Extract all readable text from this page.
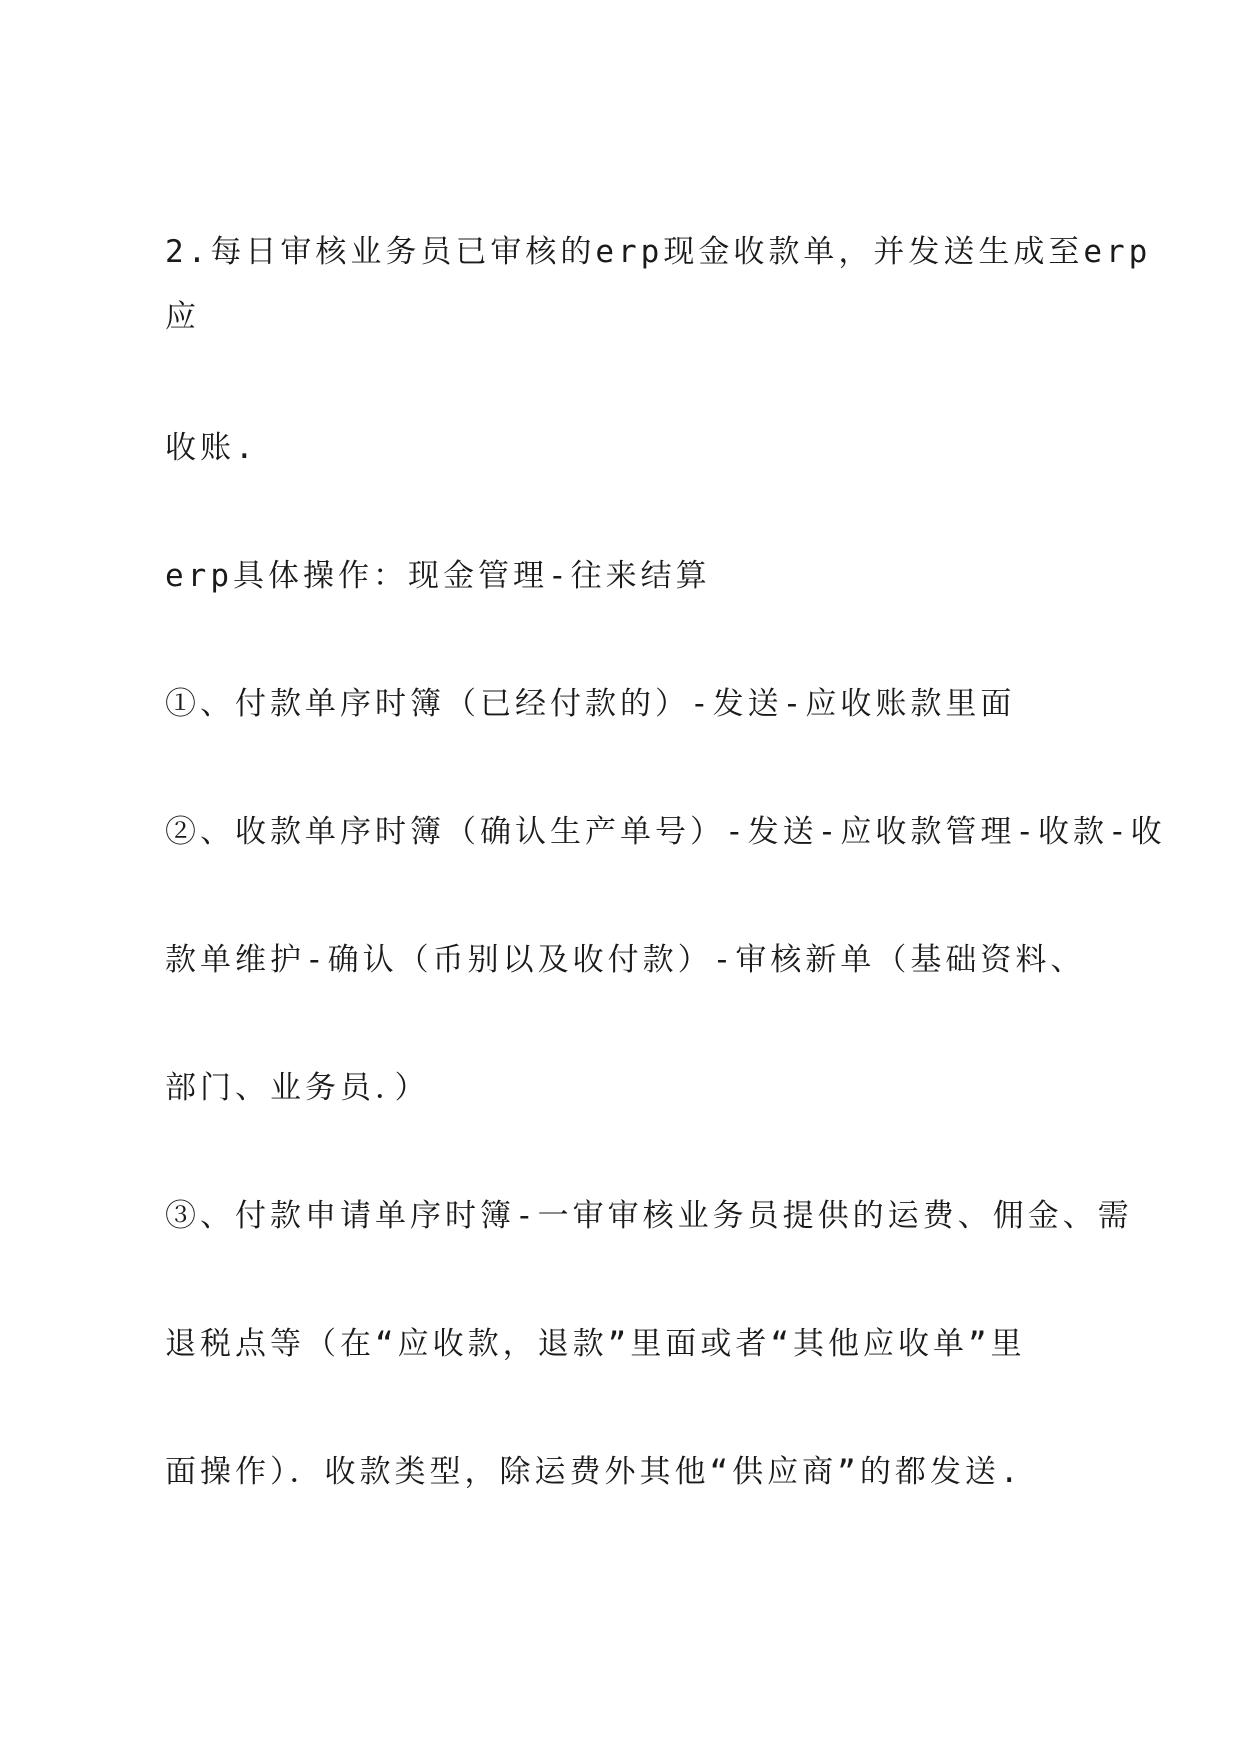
2.每日审核业务员已审核的erp现金收款单，并发送生成至erp
应
收账.
erp具体操作：现金管理-往来结算
①、付款单序时簿（已经付款的）-发送-应收账款里面
②、收款单序时簿（确认生产单号）-发送-应收款管理-收款-收
款单维护-确认（币别以及收付款）-审核新单（基础资料、
部门、业务员．）
③、付款申请单序时簿-一审审核业务员提供的运费、佣金、需
退税点等（在“应收款，退款”里面或者“其他应收单”里
面操作）．收款类型，除运费外其他“供应商”的都发送.
